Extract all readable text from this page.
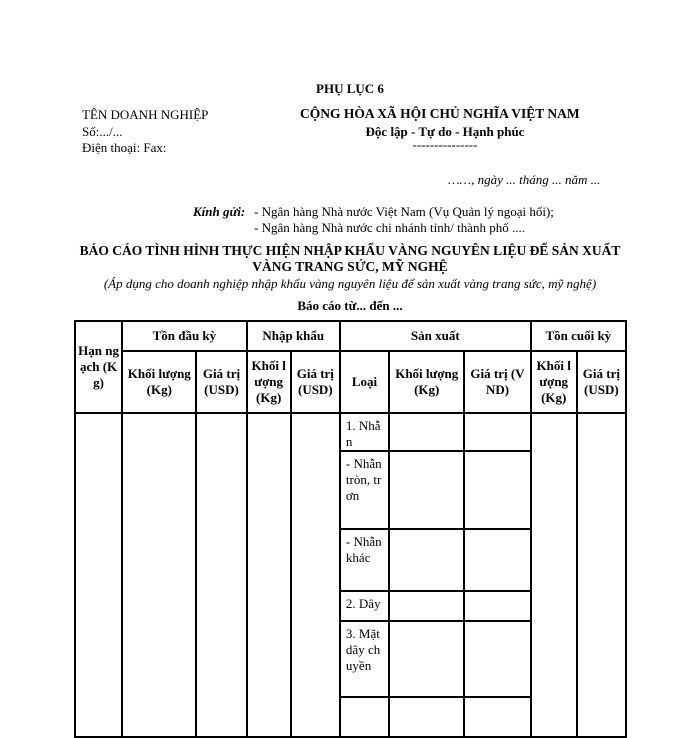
PHỤ LỤC 6
TÊN DOANH NGHIỆP
Số:.../...
Điện thoại: Fax:
CỘNG HÒA XÃ HỘI CHỦ NGHĨA VIỆT NAM
Độc lập - Tự do - Hạnh phúc
---------------
……, ngày ... tháng ... năm ...
Kính gửi: - Ngân hàng Nhà nước Việt Nam (Vụ Quản lý ngoại hối);
- Ngân hàng Nhà nước chi nhánh tỉnh/ thành phố ....
BÁO CÁO TÌNH HÌNH THỰC HIỆN NHẬP KHẨU VÀNG NGUYÊN LIỆU ĐỂ SẢN XUẤT VÀNG TRANG SỨC, MỸ NGHỆ
(Áp dụng cho doanh nghiệp nhập khẩu vàng nguyên liệu để sản xuất vàng trang sức, mỹ nghệ)
Báo cáo từ... đến ...
Hạn ngạch (Kg)	Tồn đầu kỳ		Nhập khẩu		Sản xuất			Tồn cuối kỳ	
	Khối lượng (Kg)	Giá trị (USD)	Khối lượng (Kg)	Giá trị (USD)	Loại	Khối lượng (Kg)	Giá trị (VND)	Khối lượng (Kg)	Giá trị (USD)
					1. Nhẫn				
					- Nhẫn tròn, trơn				
					- Nhẫn khác				
					2. Dây				
					3. Mặt dây chuyền				
